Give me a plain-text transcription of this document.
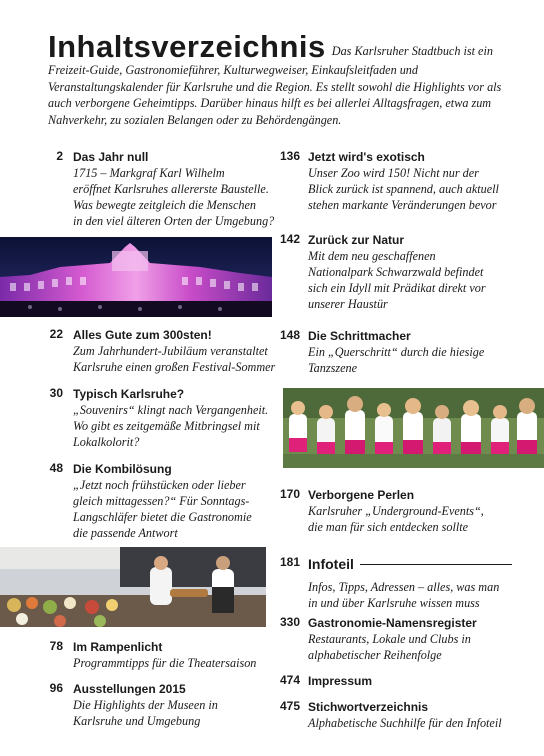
Inhaltsverzeichnis Das Karlsruher Stadtbuch ist ein Freizeit-Guide, Gastronomieführer, Kulturwegweiser, Einkaufsleitfaden und Veranstaltungskalender für Karlsruhe und die Region. Es stellt sowohl die Highlights vor als auch verborgene Geheimtipps. Darüber hinaus hilft es bei allerlei Alltagsfragen, etwa zum Nahverkehr, zu sozialen Belangen oder zu Behördengängen.
2 Das Jahr null
1715 – Markgraf Karl Wilhelm
eröffnet Karlsruhes allererste Baustelle.
Was bewegte zeitgleich die Menschen
in den viel älteren Orten der Umgebung?
22 Alles Gute zum 300sten!
Zum Jahrhundert-Jubiläum veranstaltet
Karlsruhe einen großen Festival-Sommer
30 Typisch Karlsruhe?
„Souvenirs“ klingt nach Vergangenheit.
Wo gibt es zeitgemäße Mitbringsel mit
Lokalkolorit?
48 Die Kombilösung
„Jetzt noch frühstücken oder lieber
gleich mittagessen?“ Für Sonntags-
Langschläfer bietet die Gastronomie
die passende Antwort
78 Im Rampenlicht
Programmtipps für die Theatersaison
96 Ausstellungen 2015
Die Highlights der Museen in
Karlsruhe und Umgebung
136 Jetzt wird's exotisch
Unser Zoo wird 150! Nicht nur der
Blick zurück ist spannend, auch aktuell
stehen markante Veränderungen bevor
142 Zurück zur Natur
Mit dem neu geschaffenen
Nationalpark Schwarzwald befindet
sich ein Idyll mit Prädikat direkt vor
unserer Haustür
148 Die Schrittmacher
Ein „Querschritt“ durch die hiesige
Tanzszene
170 Verborgene Perlen
Karlsruher „Underground-Events“,
die man für sich entdecken sollte
181 Infoteil
Infos, Tipps, Adressen – alles, was man
in und über Karlsruhe wissen muss
330 Gastronomie-Namensregister
Restaurants, Lokale und Clubs in
alphabetischer Reihenfolge
474 Impressum
475 Stichwortverzeichnis
Alphabetische Suchhilfe für den Infoteil
